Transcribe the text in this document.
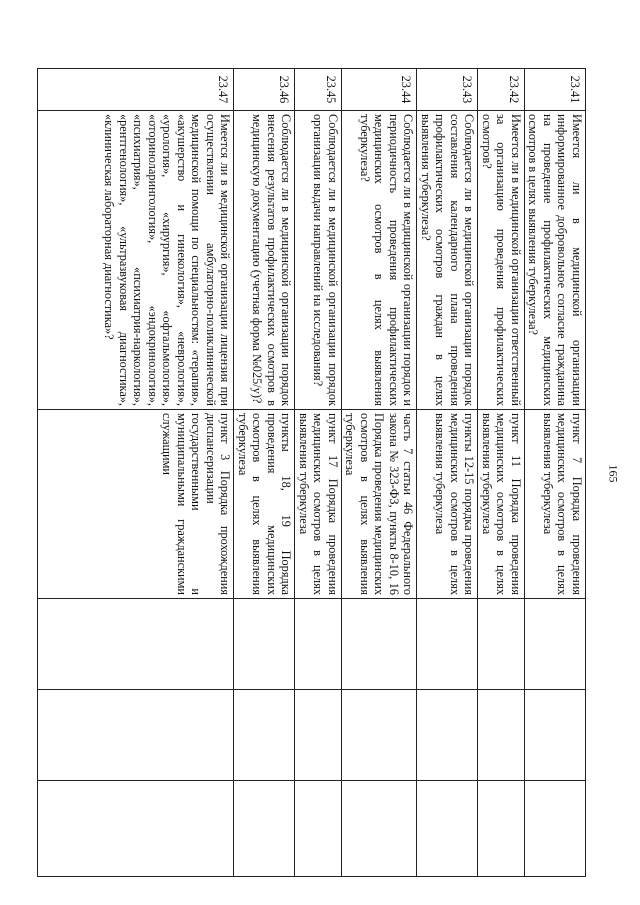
165
23.41	Имеется ли в медицинской организации информированное добровольное согласие гражданина на проведение профилактических медицинских осмотров в целях выявления туберкулеза?	пункт 7 Порядка проведения медицинских осмотров в целях выявления туберкулеза			
23.42	Имеется ли в медицинской организации ответственный за организацию проведения профилактических осмотров?	пункт 11 Порядка проведения медицинских осмотров в целях выявления туберкулеза			
23.43	Соблюдается ли в медицинской организации порядок составления календарного плана проведения профилактических осмотров граждан в целях выявления туберкулеза?	пункты 12-15 порядка проведения медицинских осмотров в целях выявления туберкулеза			
23.44	Соблюдается ли в медицинской организации порядок и периодичность проведения профилактических медицинских осмотров в целях выявления туберкулеза?	часть 7 статьи 46 Федерального закона № 323-ФЗ, пункты 8-10, 16 Порядка проведения медицинских осмотров в целях выявления туберкулеза			
23.45	Соблюдается ли в медицинской организации порядок организации выдачи направлений на исследования?	пункт 17 Порядка проведения медицинских осмотров в целях выявления туберкулеза			
23.46	Соблюдается ли в медицинской организации порядок внесения результатов профилактических осмотров в медицинскую документацию (учетная форма №025/у)?	пункты 18, 19 Порядка проведения медицинских осмотров в целях выявления туберкулеза			
23.47	Имеется ли в медицинской организации лицензия при осуществлении амбулаторно-поликлинической медицинской помощи по специальностям: «терапия», «акушерство и гинекология», «неврология», «урология», «хирургия», «офтальмология», «оториноларингология», «эндокринология», «психиатрия», «психиатрия-наркология», «рентгенология», «ультразвуковая диагностика», «клиническая лабораторная диагностика»?	пункт 3 Порядка прохождения диспансеризации государственными и муниципальными гражданскими служащими			
